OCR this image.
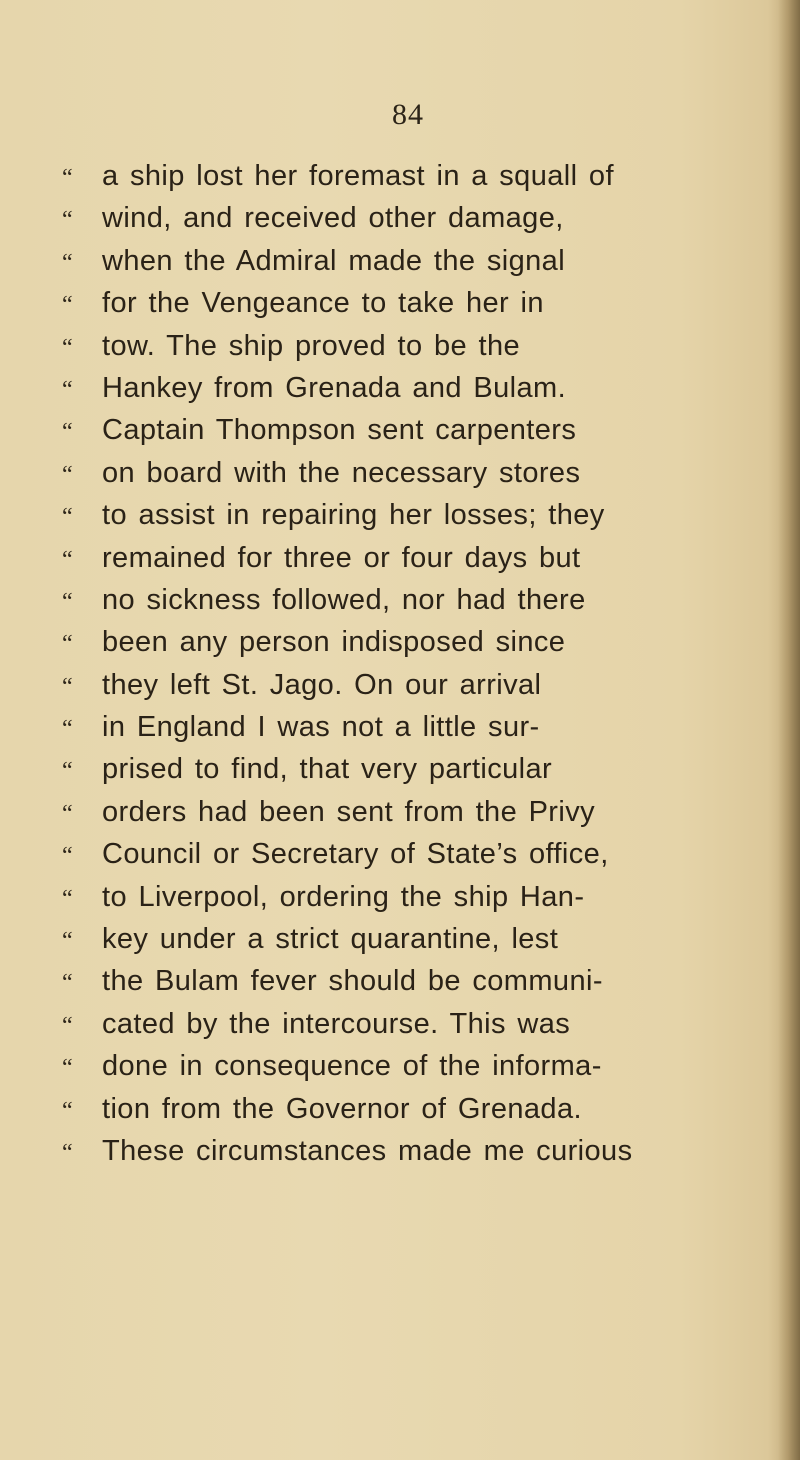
84
“	a ship lost her foremast in a squall of
“	wind, and received other damage,
“	when the Admiral made the signal
“	for the Vengeance to take her in
“	tow. The ship proved to be the
“	Hankey from Grenada and Bulam.
“	Captain Thompson sent carpenters
“	on board with the necessary stores
“	to assist in repairing her losses; they
“	remained for three or four days but
“	no sickness followed, nor had there
“	been any person indisposed since
“	they left St. Jago. On our arrival
“	in England I was not a little sur-
“	prised to find, that very particular
“	orders had been sent from the Privy
“	Council or Secretary of State’s office,
“	to Liverpool, ordering the ship Han-
“	key under a strict quarantine, lest
“	the Bulam fever should be communi-
“	cated by the intercourse. This was
“	done in consequence of the informa-
“	tion from the Governor of Grenada.
“	These circumstances made me curious
